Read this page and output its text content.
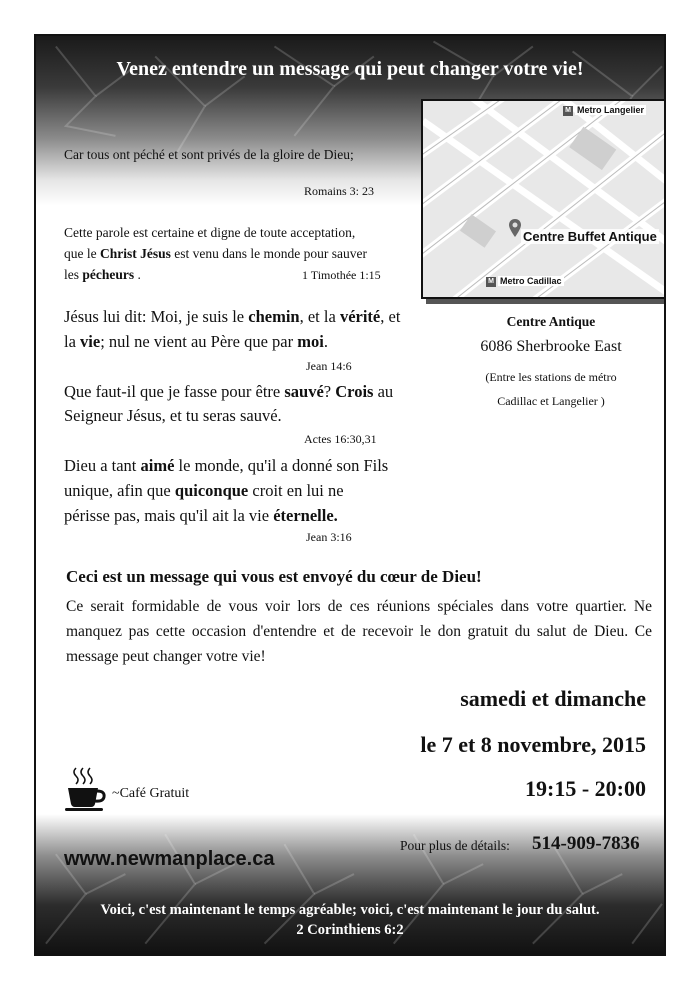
Venez entendre un message qui peut changer votre vie!
Car tous ont péché et sont privés de la gloire de Dieu;
Romains 3: 23
Cette parole est certaine et digne de toute acceptation,
que le Christ Jésus est venu dans le monde pour sauver
les pécheurs .	1 Timothée 1:15
Jésus lui dit: Moi, je suis le chemin, et la vérité, et
la vie; nul ne vient au Père que par moi.
Jean 14:6
Que faut-il que je fasse pour être sauvé? Crois au
Seigneur Jésus, et tu seras sauvé.
Actes 16:30,31
Dieu a tant aimé le monde, qu'il a donné son Fils
unique, afin que quiconque croit en lui ne
périsse pas, mais qu'il ait la vie éternelle.
Jean 3:16
M Metro Langelier
M Metro Cadillac
Centre Buffet Antique
Centre Antique
6086 Sherbrooke East
(Entre les stations de métro
Cadillac et Langelier )
Ceci est un message qui vous est envoyé du cœur de Dieu!
Ce serait formidable de vous voir lors de ces réunions spéciales dans votre quartier. Ne manquez pas cette occasion d'entendre et de recevoir le don gratuit du salut de Dieu. Ce message peut changer votre vie!
samedi et dimanche
le 7 et 8 novembre, 2015
19:15 - 20:00
~Café Gratuit
www.newmanplace.ca
Pour plus de détails: 514-909-7836
Voici, c'est maintenant le temps agréable; voici, c'est maintenant le jour du salut.
2 Corinthiens 6:2
